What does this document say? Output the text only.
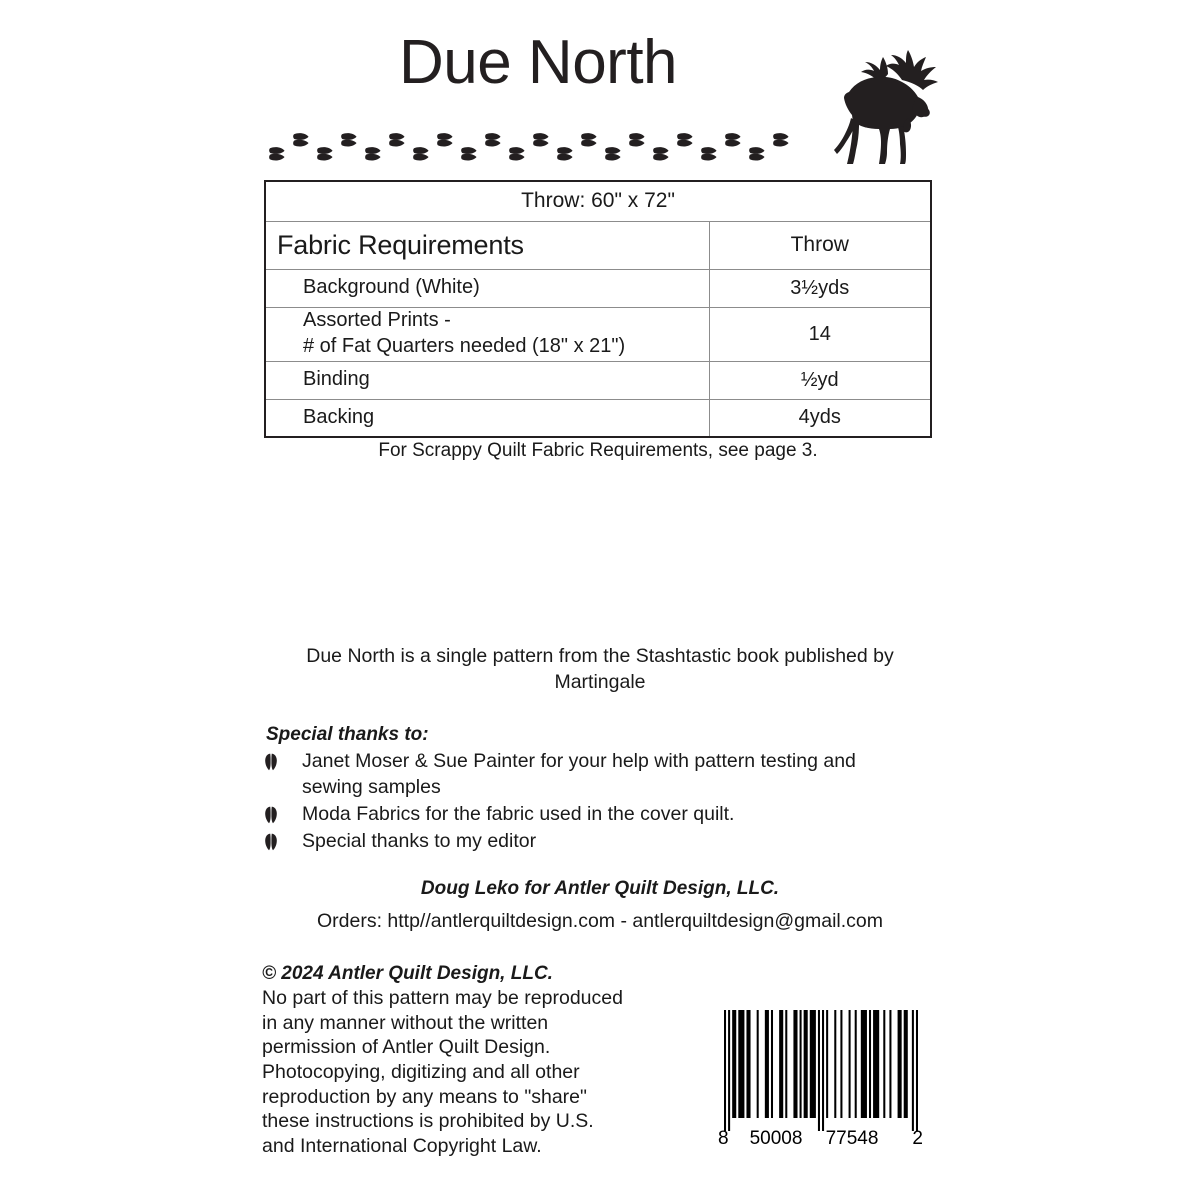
Due North
Throw: 60" x 72"	
Fabric Requirements	Throw
Background (White)	3½yds

Assorted Prints -
# of Fat Quarters needed (18" x 21")	14
Binding	½yd
Backing	4yds
For Scrappy Quilt Fabric Requirements, see page 3.
Due North is a single pattern from the Stashtastic book published by
Martingale
Special thanks to:
Janet Moser & Sue Painter for your help with pattern testing and sewing samples
Moda Fabrics for the fabric used in the cover quilt.
Special thanks to my editor
Doug Leko for Antler Quilt Design, LLC.
Orders: http//antlerquiltdesign.com - antlerquiltdesign@gmail.com
© 2024 Antler Quilt Design, LLC.
No part of this pattern may be reproduced
in any manner without the written
permission of Antler Quilt Design.
Photocopying, digitizing and all other
reproduction by any means to "share"
these instructions is prohibited by U.S.
and International Copyright Law.	8 50008 77548 2
